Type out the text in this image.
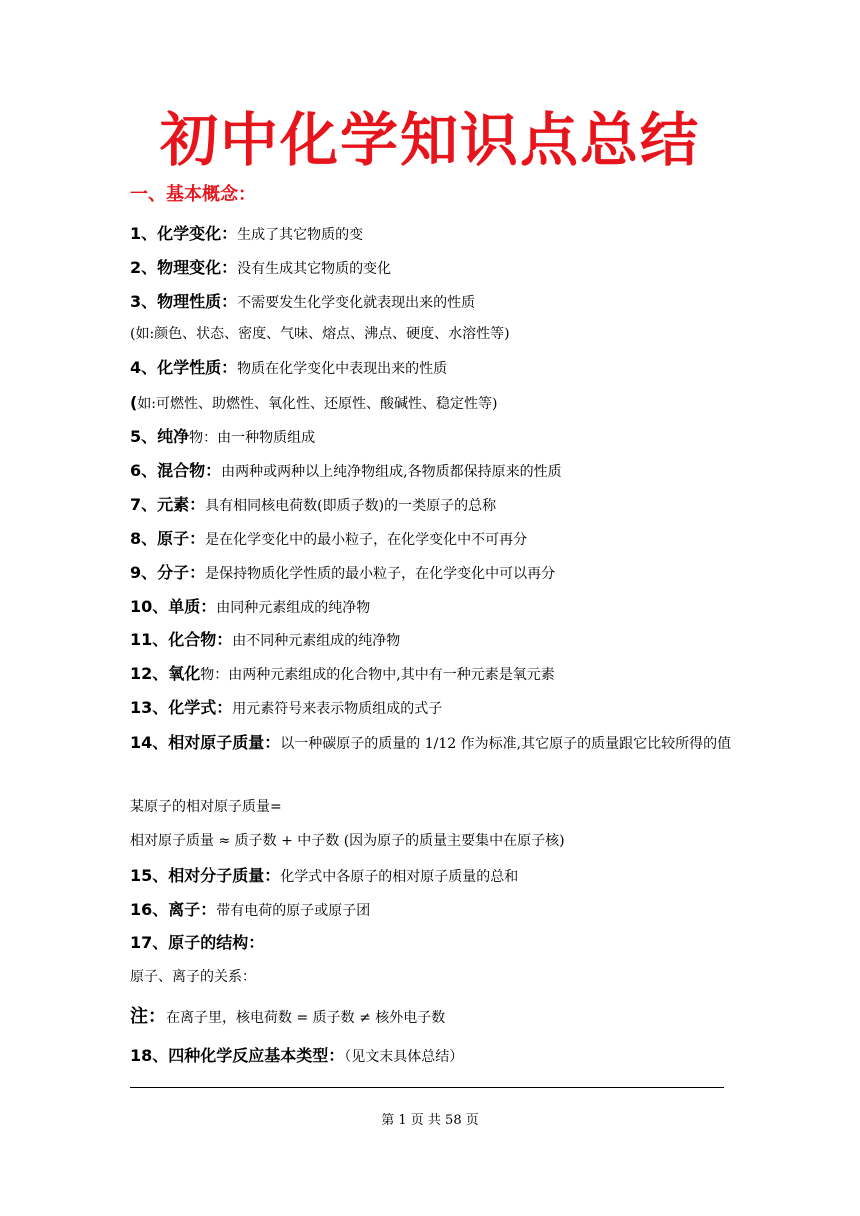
初中化学知识点总结
一、基本概念：
1、化学变化：生成了其它物质的变
2、物理变化：没有生成其它物质的变化
3、物理性质：不需要发生化学变化就表现出来的性质
(如:颜色、状态、密度、气味、熔点、沸点、硬度、水溶性等)
4、化学性质：物质在化学变化中表现出来的性质
(如:可燃性、助燃性、氧化性、还原性、酸碱性、稳定性等)
5、纯净物：由一种物质组成
6、混合物：由两种或两种以上纯净物组成,各物质都保持原来的性质
7、元素：具有相同核电荷数(即质子数)的一类原子的总称
8、原子：是在化学变化中的最小粒子，在化学变化中不可再分
9、分子：是保持物质化学性质的最小粒子，在化学变化中可以再分
10、单质：由同种元素组成的纯净物
11、化合物：由不同种元素组成的纯净物
12、氧化物：由两种元素组成的化合物中,其中有一种元素是氧元素
13、化学式：用元素符号来表示物质组成的式子
14、相对原子质量：以一种碳原子的质量的 1/12 作为标准,其它原子的质量跟它比较所得的值
某原子的相对原子质量=
相对原子质量 ≈ 质子数 + 中子数 (因为原子的质量主要集中在原子核)
15、相对分子质量：化学式中各原子的相对原子质量的总和
16、离子：带有电荷的原子或原子团
17、原子的结构：
原子、离子的关系：
注：在离子里，核电荷数 = 质子数 ≠ 核外电子数
18、四种化学反应基本类型：（见文末具体总结）
第 1 页 共 58 页
